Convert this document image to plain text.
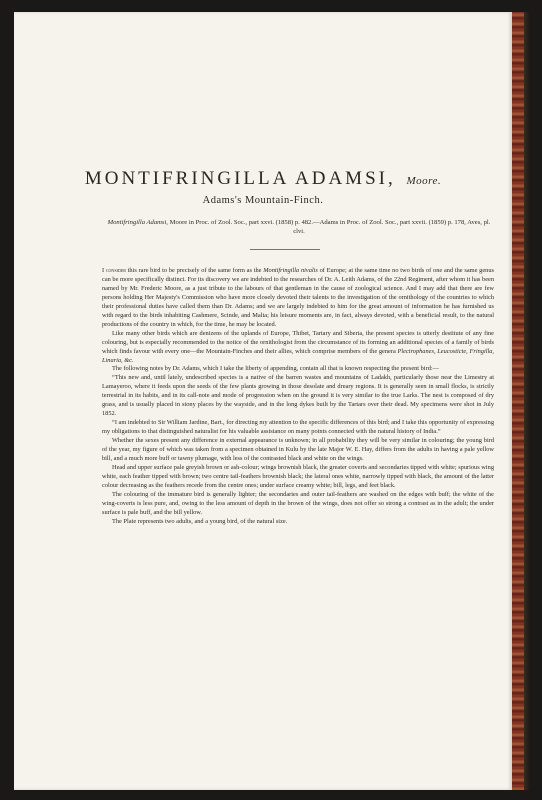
MONTIFRINGILLA ADAMSI, Moore.
Adams's Mountain-Finch.
Montifringilla Adamsi, Moore in Proc. of Zool. Soc., part xxvi. (1858) p. 482.—Adams in Proc. of Zool. Soc., part xxvii. (1859) p. 178, Aves, pl. clvi.

I consider this rare bird to be precisely of the same form as the Montifringilla nivalis of Europe; at the same time no two birds of one and the same genus can be more specifically distinct. For its discovery we are indebted to the researches of Dr. A. Leith Adams, of the 22nd Regiment, after whom it has been named by Mr. Frederic Moore, as a just tribute to the labours of that gentleman in the cause of zoological science. And I may add that there are few persons holding Her Majesty's Commission who have more closely devoted their talents to the investigation of the ornithology of the countries to which their professional duties have called them than Dr. Adams; and we are largely indebted to him for the great amount of information he has furnished us with regard to the birds inhabiting Cashmere, Scinde, and Malta; his leisure moments are, in fact, always devoted, with a beneficial result, to the natural productions of the country in which, for the time, he may be located.

Like many other birds which are denizens of the uplands of Europe, Thibet, Tartary and Siberia, the present species is utterly destitute of any fine colouring, but is especially recommended to the notice of the ornithologist from the circumstance of its forming an additional species of a family of birds which finds favour with every one—the Mountain-Finches and their allies, which comprise members of the genera Plectrophanes, Leucosticte, Fringilla, Linaria, &c.

The following notes by Dr. Adams, which I take the liberty of appending, contain all that is known respecting the present bird:—

“This new and, until lately, undescribed species is a native of the barren wastes and mountains of Ladakh, particularly those near the Limestry at Lamayeroo, where it feeds upon the seeds of the few plants growing in those desolate and dreary regions. It is generally seen in small flocks, is strictly terrestrial in its habits, and in its call-note and mode of progression when on the ground it is very similar to the true Larks. The nest is composed of dry grass, and is usually placed in stony places by the wayside, and in the long dykes built by the Tartars over their dead. My specimens were shot in July 1852.

“I am indebted to Sir William Jardine, Bart., for directing my attention to the specific differences of this bird; and I take this opportunity of expressing my obligations to that distinguished naturalist for his valuable assistance on many points connected with the natural history of India.”

Whether the sexes present any difference in external appearance is unknown; in all probability they will be very similar in colouring; the young bird of the year, my figure of which was taken from a specimen obtained in Kulu by the late Major W. E. Hay, differs from the adults in having a pale yellow bill, and a much more buff or tawny plumage, with less of the contrasted black and white on the wings.

Head and upper surface pale greyish brown or ash-colour; wings brownish black, the greater coverts and secondaries tipped with white; spurious wing white, each feather tipped with brown; two centre tail-feathers brownish black; the lateral ones white, narrowly tipped with black, the amount of the latter colour decreasing as the feathers recede from the centre ones; under surface creamy white; bill, legs, and feet black.

The colouring of the immature bird is generally lighter; the secondaries and outer tail-feathers are washed on the edges with buff; the white of the wing-coverts is less pure, and, owing to the less amount of depth in the brown of the wings, does not offer so strong a contrast as in the adult; the under surface is pale buff, and the bill yellow.

The Plate represents two adults, and a young bird, of the natural size.
